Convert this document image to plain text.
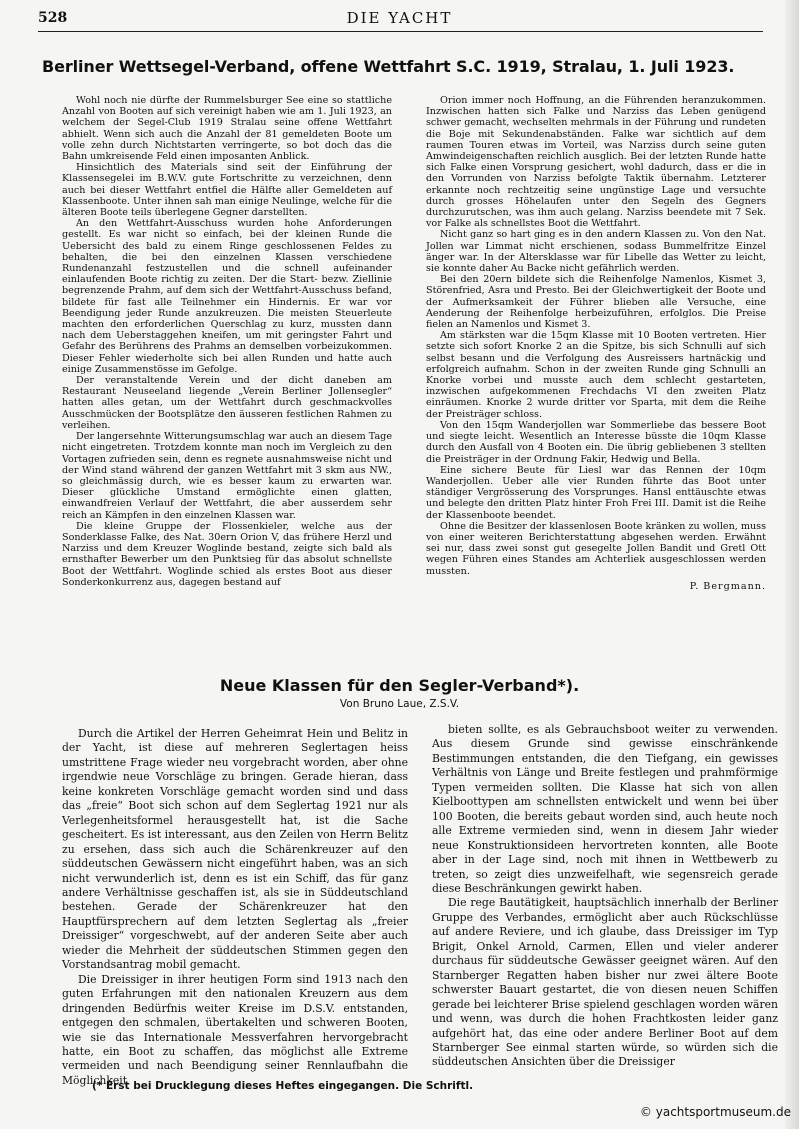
528	DIE YACHT
Berliner Wettsegel-Verband, offene Wettfahrt S.C. 1919, Stralau, 1. Juli 1923.

Wohl noch nie dürfte der Rummelsburger See eine so stattliche Anzahl von Booten auf sich vereinigt haben wie am 1. Juli 1923, an welchem der Segel-Club 1919 Stralau seine offene Wettfahrt abhielt. Wenn sich auch die Anzahl der 81 gemeldeten Boote um volle zehn durch Nichtstarten verringerte, so bot doch das die Bahn umkreisende Feld einen imposanten Anblick.

Hinsichtlich des Materials sind seit der Einführung der Klassensegelei im B.W.V. gute Fortschritte zu verzeichnen, denn auch bei dieser Wettfahrt entfiel die Hälfte aller Gemeldeten auf Klassenboote. Unter ihnen sah man einige Neulinge, welche für die älteren Boote teils überlegene Gegner darstellten.

An den Wettfahrt-Ausschuss wurden hohe Anforderungen gestellt. Es war nicht so einfach, bei der kleinen Runde die Uebersicht des bald zu einem Ringe geschlossenen Feldes zu behalten, die bei den einzelnen Klassen verschiedene Rundenanzahl festzustellen und die schnell aufeinander einlaufenden Boote richtig zu zeiten. Der die Start- bezw. Ziellinie begrenzende Prahm, auf dem sich der Wettfahrt-Ausschuss befand, bildete für fast alle Teilnehmer ein Hindernis. Er war vor Beendigung jeder Runde anzukreuzen. Die meisten Steuerleute machten den erforderlichen Querschlag zu kurz, mussten dann nach dem Ueberstaggehen kneifen, um mit geringster Fahrt und Gefahr des Berührens des Prahms an demselben vorbeizukommen. Dieser Fehler wiederholte sich bei allen Runden und hatte auch einige Zusammenstösse im Gefolge.

Der veranstaltende Verein und der dicht daneben am Restaurant Neuseeland liegende „Verein Berliner Jollensegler“ hatten alles getan, um der Wettfahrt durch geschmackvolles Ausschmücken der Bootsplätze den äusseren festlichen Rahmen zu verleihen.

Der langersehnte Witterungsumschlag war auch an diesem Tage nicht eingetreten. Trotzdem konnte man noch im Vergleich zu den Vortagen zufrieden sein, denn es regnete ausnahmsweise nicht und der Wind stand während der ganzen Wettfahrt mit 3 skm aus NW., so gleichmässig durch, wie es besser kaum zu erwarten war. Dieser glückliche Umstand ermöglichte einen glatten, einwandfreien Verlauf der Wettfahrt, die aber ausserdem sehr reich an Kämpfen in den einzelnen Klassen war.

Die kleine Gruppe der Flossenkieler, welche aus der Sonderklasse Falke, des Nat. 30ern Orion V, das frühere Herzl und Narziss und dem Kreuzer Woglinde bestand, zeigte sich bald als ernsthafter Bewerber um den Punktsieg für das absolut schnellste Boot der Wettfahrt. Woglinde schied als erstes Boot aus dieser Sonderkonkurrenz aus, dagegen bestand auf

Orion immer noch Hoffnung, an die Führenden heranzukommen. Inzwischen hatten sich Falke und Narziss das Leben genügend schwer gemacht, wechselten mehrmals in der Führung und rundeten die Boje mit Sekundenabständen. Falke war sichtlich auf dem raumen Touren etwas im Vorteil, was Narziss durch seine guten Amwindeigenschaften reichlich ausglich. Bei der letzten Runde hatte sich Falke einen Vorsprung gesichert, wohl dadurch, dass er die in den Vorrunden von Narziss befolgte Taktik übernahm. Letzterer erkannte noch rechtzeitig seine ungünstige Lage und versuchte durch grosses Höhelaufen unter den Segeln des Gegners durchzurutschen, was ihm auch gelang. Narziss beendete mit 7 Sek. vor Falke als schnellstes Boot die Wettfahrt.

Nicht ganz so hart ging es in den andern Klassen zu. Von den Nat. Jollen war Limmat nicht erschienen, sodass Bummelfritze Einzel änger war. In der Altersklasse war für Libelle das Wetter zu leicht, sie konnte daher Au Backe nicht gefährlich werden.

Bei den 20ern bildete sich die Reihenfolge Namenlos, Kismet 3, Störenfried, Asra und Presto. Bei der Gleichwertigkeit der Boote und der Aufmerksamkeit der Führer blieben alle Versuche, eine Aenderung der Reihenfolge herbeizuführen, erfolglos. Die Preise fielen an Namenlos und Kismet 3.

Am stärksten war die 15qm Klasse mit 10 Booten vertreten. Hier setzte sich sofort Knorke 2 an die Spitze, bis sich Schnulli auf sich selbst besann und die Verfolgung des Ausreissers hartnäckig und erfolgreich aufnahm. Schon in der zweiten Runde ging Schnulli an Knorke vorbei und musste auch dem schlecht gestarteten, inzwischen aufgekommenen Frechdachs VI den zweiten Platz einräumen. Knorke 2 wurde dritter vor Sparta, mit dem die Reihe der Preisträger schloss.

Von den 15qm Wanderjollen war Sommerliebe das bessere Boot und siegte leicht. Wesentlich an Interesse büsste die 10qm Klasse durch den Ausfall von 4 Booten ein. Die übrig gebliebenen 3 stellten die Preisträger in der Ordnung Fakir, Hedwig und Bella.

Eine sichere Beute für Liesl war das Rennen der 10qm Wanderjollen. Ueber alle vier Runden führte das Boot unter ständiger Vergrösserung des Vorsprunges. Hansl enttäuschte etwas und belegte den dritten Platz hinter Froh Frei III. Damit ist die Reihe der Klassenboote beendet.

Ohne die Besitzer der klassenlosen Boote kränken zu wollen, muss von einer weiteren Berichterstattung abgesehen werden. Erwähnt sei nur, dass zwei sonst gut gesegelte Jollen Bandit und Gretl Ott wegen Führen eines Standes am Achterliek ausgeschlossen werden mussten.

P. Bergmann.
Neue Klassen für den Segler-Verband*).
Von Bruno Laue, Z.S.V.

Durch die Artikel der Herren Geheimrat Hein und Belitz in der Yacht, ist diese auf mehreren Seglertagen heiss umstrittene Frage wieder neu vorgebracht worden, aber ohne irgendwie neue Vorschläge zu bringen. Gerade hieran, dass keine konkreten Vorschläge gemacht worden sind und dass das „freie“ Boot sich schon auf dem Seglertag 1921 nur als Verlegenheitsformel herausgestellt hat, ist die Sache gescheitert. Es ist interessant, aus den Zeilen von Herrn Belitz zu ersehen, dass sich auch die Schärenkreuzer auf den süddeutschen Gewässern nicht eingeführt haben, was an sich nicht verwunderlich ist, denn es ist ein Schiff, das für ganz andere Verhältnisse geschaffen ist, als sie in Süddeutschland bestehen. Gerade der Schärenkreuzer hat den Hauptfürsprechern auf dem letzten Seglertag als „freier Dreissiger“ vorgeschwebt, auf der anderen Seite aber auch wieder die Mehrheit der süddeutschen Stimmen gegen den Vorstandsantrag mobil gemacht.

Die Dreissiger in ihrer heutigen Form sind 1913 nach den guten Erfahrungen mit den nationalen Kreuzern aus dem dringenden Bedürfnis weiter Kreise im D.S.V. entstanden, entgegen den schmalen, übertakelten und schweren Booten, wie sie das Internationale Messverfahren hervorgebracht hatte, ein Boot zu schaffen, das möglichst alle Extreme vermeiden und nach Beendigung seiner Rennlaufbahn die Möglichkeit

bieten sollte, es als Gebrauchsboot weiter zu verwenden. Aus diesem Grunde sind gewisse einschränkende Bestimmungen entstanden, die den Tiefgang, ein gewisses Verhältnis von Länge und Breite festlegen und prahmförmige Typen vermeiden sollten. Die Klasse hat sich von allen Kielboottypen am schnellsten entwickelt und wenn bei über 100 Booten, die bereits gebaut worden sind, auch heute noch alle Extreme vermieden sind, wenn in diesem Jahr wieder neue Konstruktionsideen hervortreten konnten, alle Boote aber in der Lage sind, noch mit ihnen in Wettbewerb zu treten, so zeigt dies unzweifelhaft, wie segensreich gerade diese Beschränkungen gewirkt haben.

Die rege Bautätigkeit, hauptsächlich innerhalb der Berliner Gruppe des Verbandes, ermöglicht aber auch Rückschlüsse auf andere Reviere, und ich glaube, dass Dreissiger im Typ Brigit, Onkel Arnold, Carmen, Ellen und vieler anderer durchaus für süddeutsche Gewässer geeignet wären. Auf den Starnberger Regatten haben bisher nur zwei ältere Boote schwerster Bauart gestartet, die von diesen neuen Schiffen gerade bei leichterer Brise spielend geschlagen worden wären und wenn, was durch die hohen Frachtkosten leider ganz aufgehört hat, das eine oder andere Berliner Boot auf dem Starnberger See einmal starten würde, so würden sich die süddeutschen Ansichten über die Dreissiger

(* Erst bei Drucklegung dieses Heftes eingegangen. Die Schriftl.
© yachtsportmuseum.de
